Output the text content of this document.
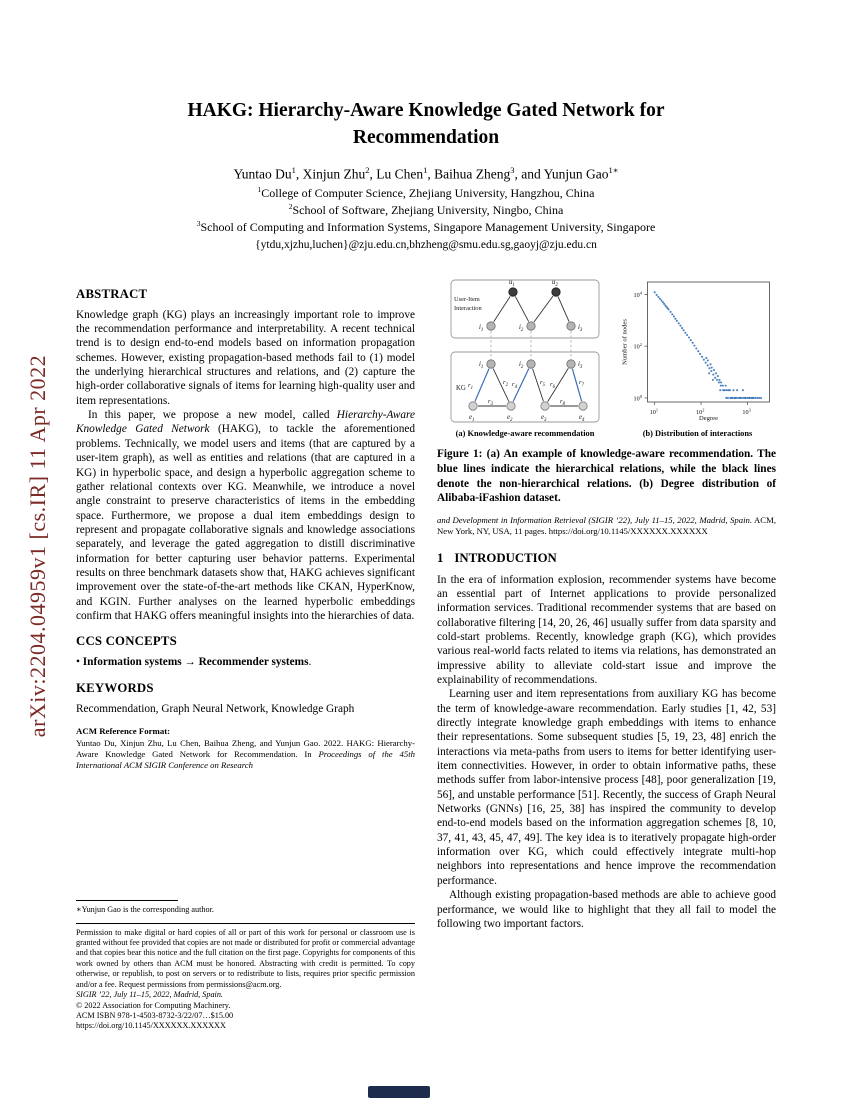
arXiv:2204.04959v1 [cs.IR] 11 Apr 2022
HAKG: Hierarchy-Aware Knowledge Gated Network for
Recommendation
Yuntao Du$^1$, Xinjun Zhu$^2$, Lu Chen$^1$, Baihua Zheng$^3$, and Yunjun Gao$^{1∗}$
$^1$College of Computer Science, Zhejiang University, Hangzhou, China
$^2$School of Software, Zhejiang University, Ningbo, China
$^3$School of Computing and Information Systems, Singapore Management University, Singapore
{ytdu,xjzhu,luchen}@zju.edu.cn,bhzheng@smu.edu.sg,gaoyj@zju.edu.cn
ABSTRACT

Knowledge graph (KG) plays an increasingly important role to improve the recommendation performance and interpretability. A recent technical trend is to design end-to-end models based on information propagation schemes. However, existing propagation-based methods fail to (1) model the underlying hierarchical structures and relations, and (2) capture the high-order collaborative signals of items for learning high-quality user and item representations.

In this paper, we propose a new model, called Hierarchy-Aware Knowledge Gated Network (HAKG), to tackle the aforementioned problems. Technically, we model users and items (that are captured by a user-item graph), as well as entities and relations (that are captured in a KG) in hyperbolic space, and design a hyperbolic aggregation scheme to gather relational contexts over KG. Meanwhile, we introduce a novel angle constraint to preserve characteristics of items in the embedding space. Furthermore, we propose a dual item embeddings design to represent and propagate collaborative signals and knowledge associations separately, and leverage the gated aggregation to distill discriminative information for better capturing user behavior patterns. Experimental results on three benchmark datasets show that, HAKG achieves significant improvement over the state-of-the-art methods like CKAN, HyperKnow, and KGIN. Further analyses on the learned hyperbolic embeddings confirm that HAKG offers meaningful insights into the hierarchies of data.

CCS CONCEPTS

• Information systems → Recommender systems.

KEYWORDS

Recommendation, Graph Neural Network, Knowledge Graph

ACM Reference Format:

Yuntao Du, Xinjun Zhu, Lu Chen, Baihua Zheng, and Yunjun Gao. 2022. HAKG: Hierarchy-Aware Knowledge Gated Network for Recommendation. In Proceedings of the 45th International ACM SIGIR Conference on Research

∗Yunjun Gao is the corresponding author.

Permission to make digital or hard copies of all or part of this work for personal or classroom use is granted without fee provided that copies are not made or distributed for profit or commercial advantage and that copies bear this notice and the full citation on the first page. Copyrights for components of this work owned by others than ACM must be honored. Abstracting with credit is permitted. To copy otherwise, or republish, to post on servers or to redistribute to lists, requires prior specific permission and/or a fee. Request permissions from permissions@acm.org.

SIGIR ’22, July 11–15, 2022, Madrid, Spain.

© 2022 Association for Computing Machinery.

ACM ISBN 978-1-4503-8732-3/22/07…$15.00

https://doi.org/10.1145/XXXXXX.XXXXXX

User-Item
Interaction
KG $r_1$
$r_2$
$r_3$
$r_4$
$r_5$ $r_6$
$r_7$
$r_8$
$u_1$	$u_2$
$i_1$	$i_2$	$i_3$
$i_1$	$i_2$	$i_3$
$e_1$	$e_2$	$e_3$	$e_4$
$10^1$	$10^2$	$10^3$
$10^0$
$10^2$
$10^4$
Degree
Number of nodes
(a) Knowledge-aware recommendation	(b) Distribution of interactions

Figure 1: (a) An example of knowledge-aware recommendation. The blue lines indicate the hierarchical relations, while the black lines denote the non-hierarchical relations. (b) Degree distribution of Alibaba-iFashion dataset.

and Development in Information Retrieval (SIGIR ’22), July 11–15, 2022, Madrid, Spain. ACM, New York, NY, USA, 11 pages. https://doi.org/10.1145/XXXXXX.XXXXXX

1 INTRODUCTION

In the era of information explosion, recommender systems have become an essential part of Internet applications to provide personalized information services. Traditional recommender systems that are based on collaborative filtering [14, 20, 26, 46] usually suffer from data sparsity and cold-start problems. Recently, knowledge graph (KG), which provides various real-world facts related to items via relations, has demonstrated an impressive ability to alleviate cold-start issue and improve the explainability of recommendations.

Learning user and item representations from auxiliary KG has become the term of knowledge-aware recommendation. Early studies [1, 42, 53] directly integrate knowledge graph embeddings with items to enhance their representations. Some subsequent studies [5, 19, 23, 48] enrich the interactions via meta-paths from users to items for better identifying user-item connectivities. However, in order to obtain informative paths, these methods suffer from labor-intensive process [48], poor generalization [19, 56], and unstable performance [51]. Recently, the success of Graph Neural Networks (GNNs) [16, 25, 38] has inspired the community to develop end-to-end models based on the information aggregation schemes [8, 10, 37, 41, 43, 45, 47, 49]. The key idea is to iteratively propagate high-order information over KG, which could effectively integrate multi-hop neighbors into representations and hence improve the recommendation performance.

Although existing propagation-based methods are able to achieve good performance, we would like to highlight that they all fail to model the following two important factors.
